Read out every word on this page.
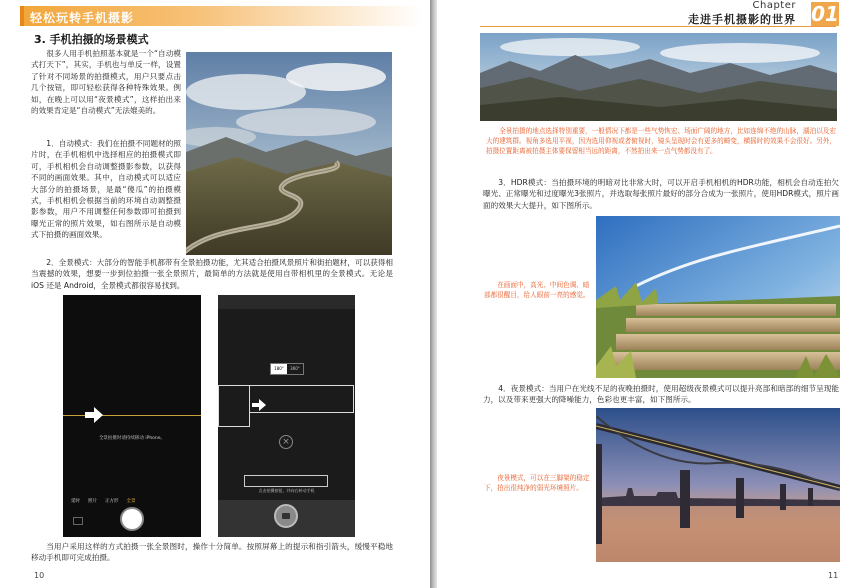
轻松玩转手机摄影
3. 手机拍摄的场景模式
很多人用手机拍照基本就是一个“自动模式打天下”，其实，手机也与单反一样，设置了针对不同场景的拍摄模式，用户只要点击几个按钮，即可轻松获得各种特殊效果。例如，在晚上可以用“夜景模式”，这样拍出来的效果肯定是“自动模式”无法媲美的。
1．自动模式：我们在拍摄不同题材的照片时，在手机相机中选择相应的拍摄模式即可，手机相机会自动调整摄影参数，以获得不同的画面效果。其中，自动模式可以适应大部分的拍摄场景，是最“傻瓜”的拍摄模式，手机相机会根据当前的环境自动调整摄影参数，用户不用调整任何参数即可拍摄到曝光正常的照片效果，如右图所示是自动模式下拍摄的画面效果。
2．全景模式：大部分的智能手机都带有全景拍摄功能，尤其适合拍摄风景照片和街拍题材，可以获得相当震撼的效果，想要一步到位拍摄一张全景照片，最简单的方法就是使用自带相机里的全景模式。无论是 iOS 还是 Android，全景模式都很容易找到。
全景拍摄时请持续移动 iPhone。
延时 照片 正方形 全景
180°	360°
×
点击拍摄按钮，并向右转动手机
当用户采用这样的方式拍摄一张全景图时，操作十分简单。按照屏幕上的提示和指引箭头，缓慢平稳地移动手机即可完成拍摄。
10
Chapter
走进手机摄影的世界 01
全景拍摄的地点选择特别重要，一般情况下都是一些气势恢宏、场面广阔的地方，比如连绵不绝的山脉，湖泊以及宏大的建筑群。视角多选用平视，因为选用仰视或者俯视时，镜头呈现时会有更多的畸变，横摇时的效果不会很好。另外，拍摄位置距离被拍摄主体要保留相当远的距离，不然拍出来一点气势都没有了。
3．HDR模式：当拍摄环境的明暗对比非常大时，可以开启手机相机的HDR功能，相机会自动连拍欠曝光、正常曝光和过度曝光3张照片，并选取每张照片最好的部分合成为一张照片，使用HDR模式，照片画面的效果大大提升，如下图所示。
在画面中，高光、中间色调、暗部都很醒目，给人眼前一亮的感觉。
4．夜景模式：当用户在光线不足的夜晚拍摄时，使用超级夜景模式可以提升亮部和暗部的细节呈现能力，以及带来更强大的降噪能力，色彩也更丰富，如下图所示。
夜景模式，可以在三脚架的稳定下，拍出很纯净的弱光环境照片。
11
